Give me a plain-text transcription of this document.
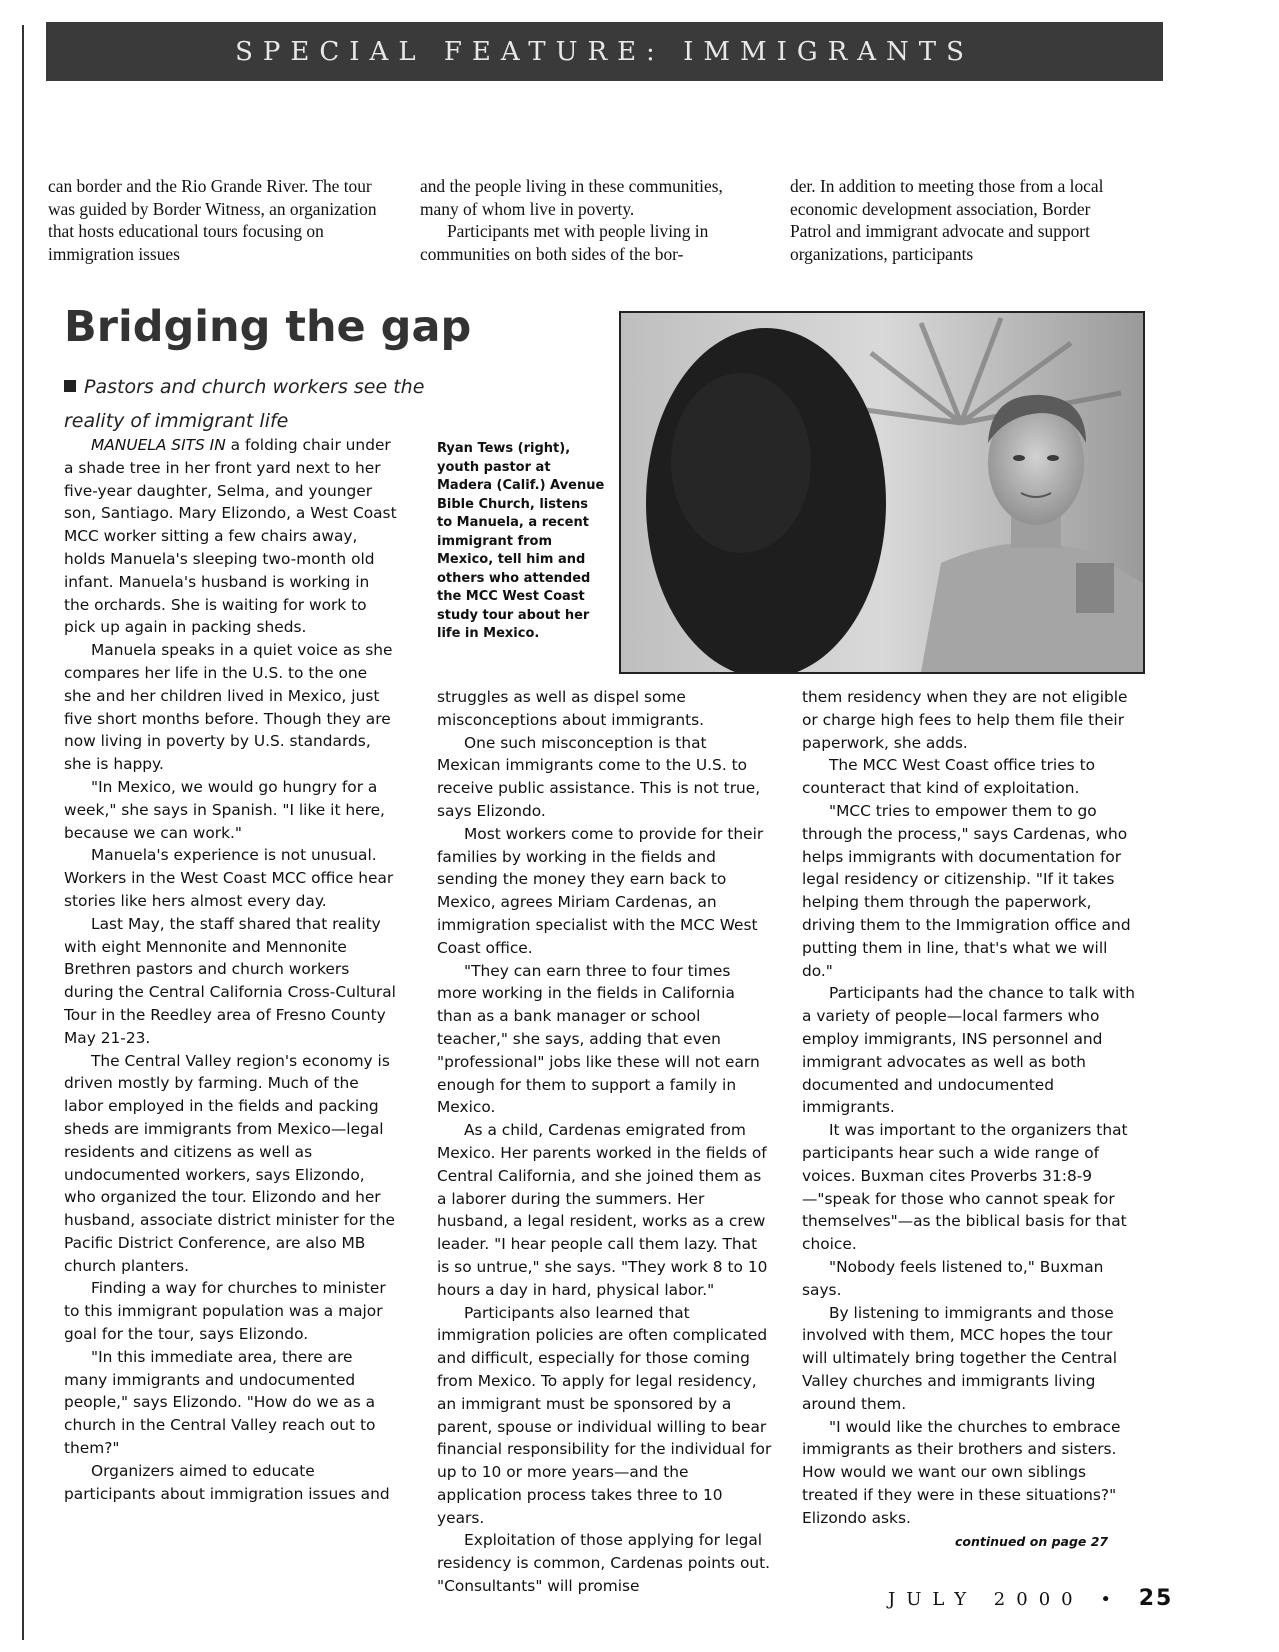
SPECIAL FEATURE: IMMIGRANTS

can border and the Rio Grande River. The tour was guided by Border Witness, an organization that hosts educational tours focusing on immigration issues

and the people living in these communities, many of whom live in poverty.

Participants met with people living in communities on both sides of the bor-

der. In addition to meeting those from a local economic development association, Border Patrol and immigrant advocate and support organizations, participants

Bridging the gap
Pastors and church workers see the reality of immigrant life
Ryan Tews (right), youth pastor at Madera (Calif.) Avenue Bible Church, listens to Manuela, a recent immigrant from Mexico, tell him and others who attended the MCC West Coast study tour about her life in Mexico.

MANUELA SITS IN a folding chair under a shade tree in her front yard next to her five-year daughter, Selma, and younger son, Santiago. Mary Elizondo, a West Coast MCC worker sitting a few chairs away, holds Manuela's sleeping two-month old infant. Manuela's husband is working in the orchards. She is waiting for work to pick up again in packing sheds.

Manuela speaks in a quiet voice as she compares her life in the U.S. to the one she and her children lived in Mexico, just five short months before. Though they are now living in poverty by U.S. standards, she is happy.

"In Mexico, we would go hungry for a week," she says in Spanish. "I like it here, because we can work."

Manuela's experience is not unusual. Workers in the West Coast MCC office hear stories like hers almost every day.

Last May, the staff shared that reality with eight Mennonite and Mennonite Brethren pastors and church workers during the Central California Cross-Cultural Tour in the Reedley area of Fresno County May 21-23.

The Central Valley region's economy is driven mostly by farming. Much of the labor employed in the fields and packing sheds are immigrants from Mexico—legal residents and citizens as well as undocumented workers, says Elizondo, who organized the tour. Elizondo and her husband, associate district minister for the Pacific District Conference, are also MB church planters.

Finding a way for churches to minister to this immigrant population was a major goal for the tour, says Elizondo.

"In this immediate area, there are many immigrants and undocumented people," says Elizondo. "How do we as a church in the Central Valley reach out to them?"

Organizers aimed to educate participants about immigration issues and

struggles as well as dispel some misconceptions about immigrants.

One such misconception is that Mexican immigrants come to the U.S. to receive public assistance. This is not true, says Elizondo.

Most workers come to provide for their families by working in the fields and sending the money they earn back to Mexico, agrees Miriam Cardenas, an immigration specialist with the MCC West Coast office.

"They can earn three to four times more working in the fields in California than as a bank manager or school teacher," she says, adding that even "professional" jobs like these will not earn enough for them to support a family in Mexico.

As a child, Cardenas emigrated from Mexico. Her parents worked in the fields of Central California, and she joined them as a laborer during the summers. Her husband, a legal resident, works as a crew leader. "I hear people call them lazy. That is so untrue," she says. "They work 8 to 10 hours a day in hard, physical labor."

Participants also learned that immigration policies are often complicated and difficult, especially for those coming from Mexico. To apply for legal residency, an immigrant must be sponsored by a parent, spouse or individual willing to bear financial responsibility for the individual for up to 10 or more years—and the application process takes three to 10 years.

Exploitation of those applying for legal residency is common, Cardenas points out. "Consultants" will promise

them residency when they are not eligible or charge high fees to help them file their paperwork, she adds.

The MCC West Coast office tries to counteract that kind of exploitation.

"MCC tries to empower them to go through the process," says Cardenas, who helps immigrants with documentation for legal residency or citizenship. "If it takes helping them through the paperwork, driving them to the Immigration office and putting them in line, that's what we will do."

Participants had the chance to talk with a variety of people—local farmers who employ immigrants, INS personnel and immigrant advocates as well as both documented and undocumented immigrants.

It was important to the organizers that participants hear such a wide range of voices. Buxman cites Proverbs 31:8-9—"speak for those who cannot speak for themselves"—as the biblical basis for that choice.

"Nobody feels listened to," Buxman says.

By listening to immigrants and those involved with them, MCC hopes the tour will ultimately bring together the Central Valley churches and immigrants living around them.

"I would like the churches to embrace immigrants as their brothers and sisters. How would we want our own siblings treated if they were in these situations?" Elizondo asks.

continued on page 27
JULY 2000 • 25
